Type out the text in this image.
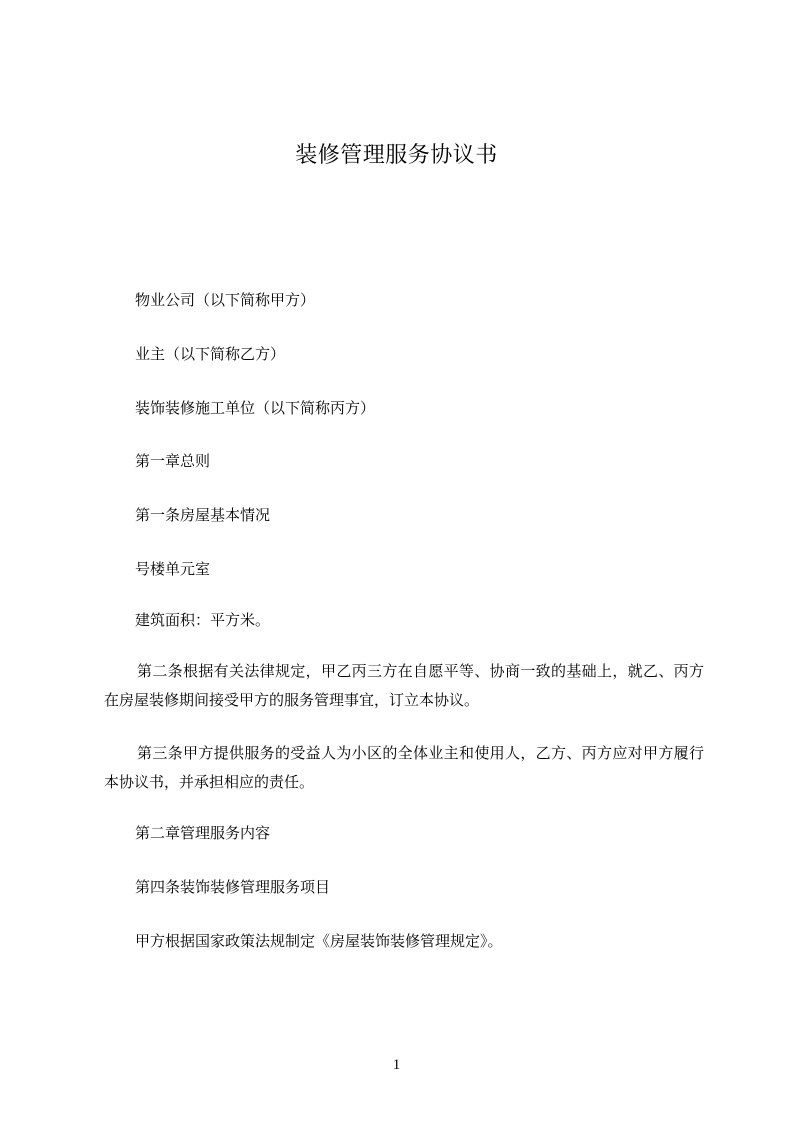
装修管理服务协议书

物业公司（以下简称甲方）

业主（以下简称乙方）

装饰装修施工单位（以下简称丙方）

第一章总则

第一条房屋基本情况

号楼单元室

建筑面积：平方米。

第二条根据有关法律规定，甲乙丙三方在自愿平等、协商一致的基础上，就乙、丙方在房屋装修期间接受甲方的服务管理事宜，订立本协议。

第三条甲方提供服务的受益人为小区的全体业主和使用人，乙方、丙方应对甲方履行本协议书，并承担相应的责任。

第二章管理服务内容

第四条装饰装修管理服务项目

甲方根据国家政策法规制定《房屋装饰装修管理规定》。

1
